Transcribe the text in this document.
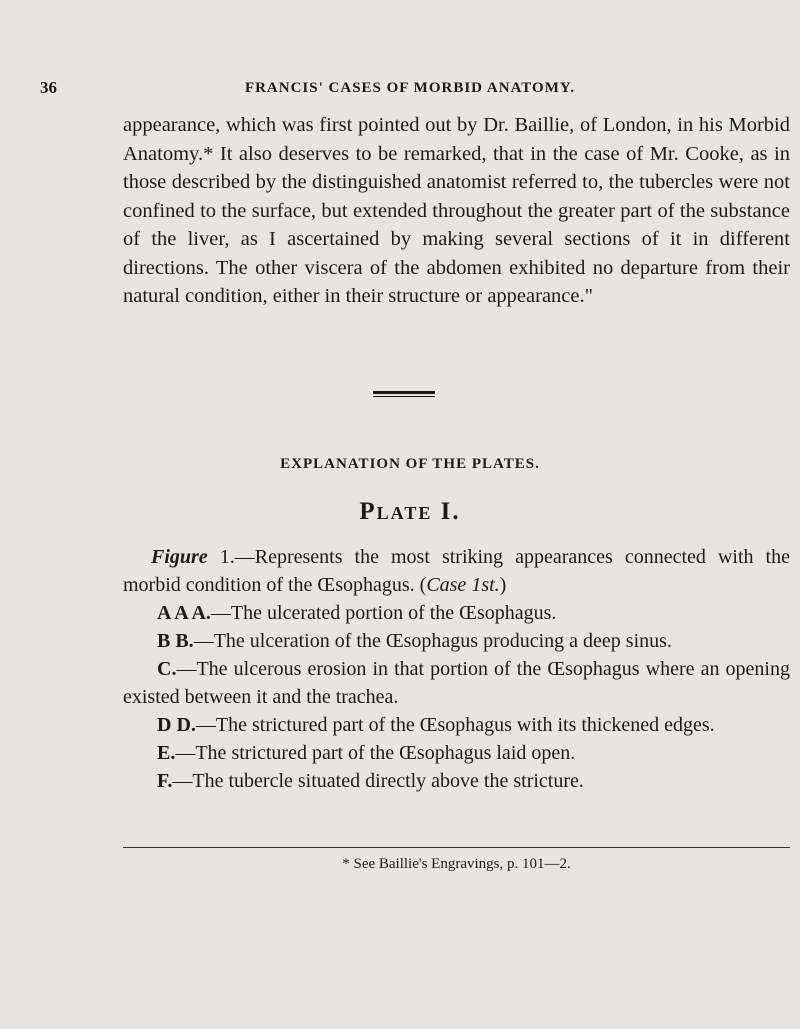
36	FRANCIS' CASES OF MORBID ANATOMY.

appearance, which was first pointed out by Dr. Baillie, of London, in his Morbid Anatomy.* It also deserves to be remarked, that in the case of Mr. Cooke, as in those described by the distinguished anatomist referred to, the tubercles were not confined to the surface, but extended throughout the greater part of the substance of the liver, as I ascertained by making several sections of it in different directions. The other viscera of the abdomen exhibited no departure from their natural condition, either in their structure or appearance."

EXPLANATION OF THE PLATES.
Plate I.

Figure 1.—Represents the most striking appearances connected with the morbid condition of the Œsophagus. (Case 1st.)

A A A.—The ulcerated portion of the Œsophagus.

B B.—The ulceration of the Œsophagus producing a deep sinus.

C.—The ulcerous erosion in that portion of the Œsophagus where an opening existed between it and the trachea.

D D.—The strictured part of the Œsophagus with its thickened edges.

E.—The strictured part of the Œsophagus laid open.

F.—The tubercle situated directly above the stricture.

* See Baillie's Engravings, p. 101—2.
